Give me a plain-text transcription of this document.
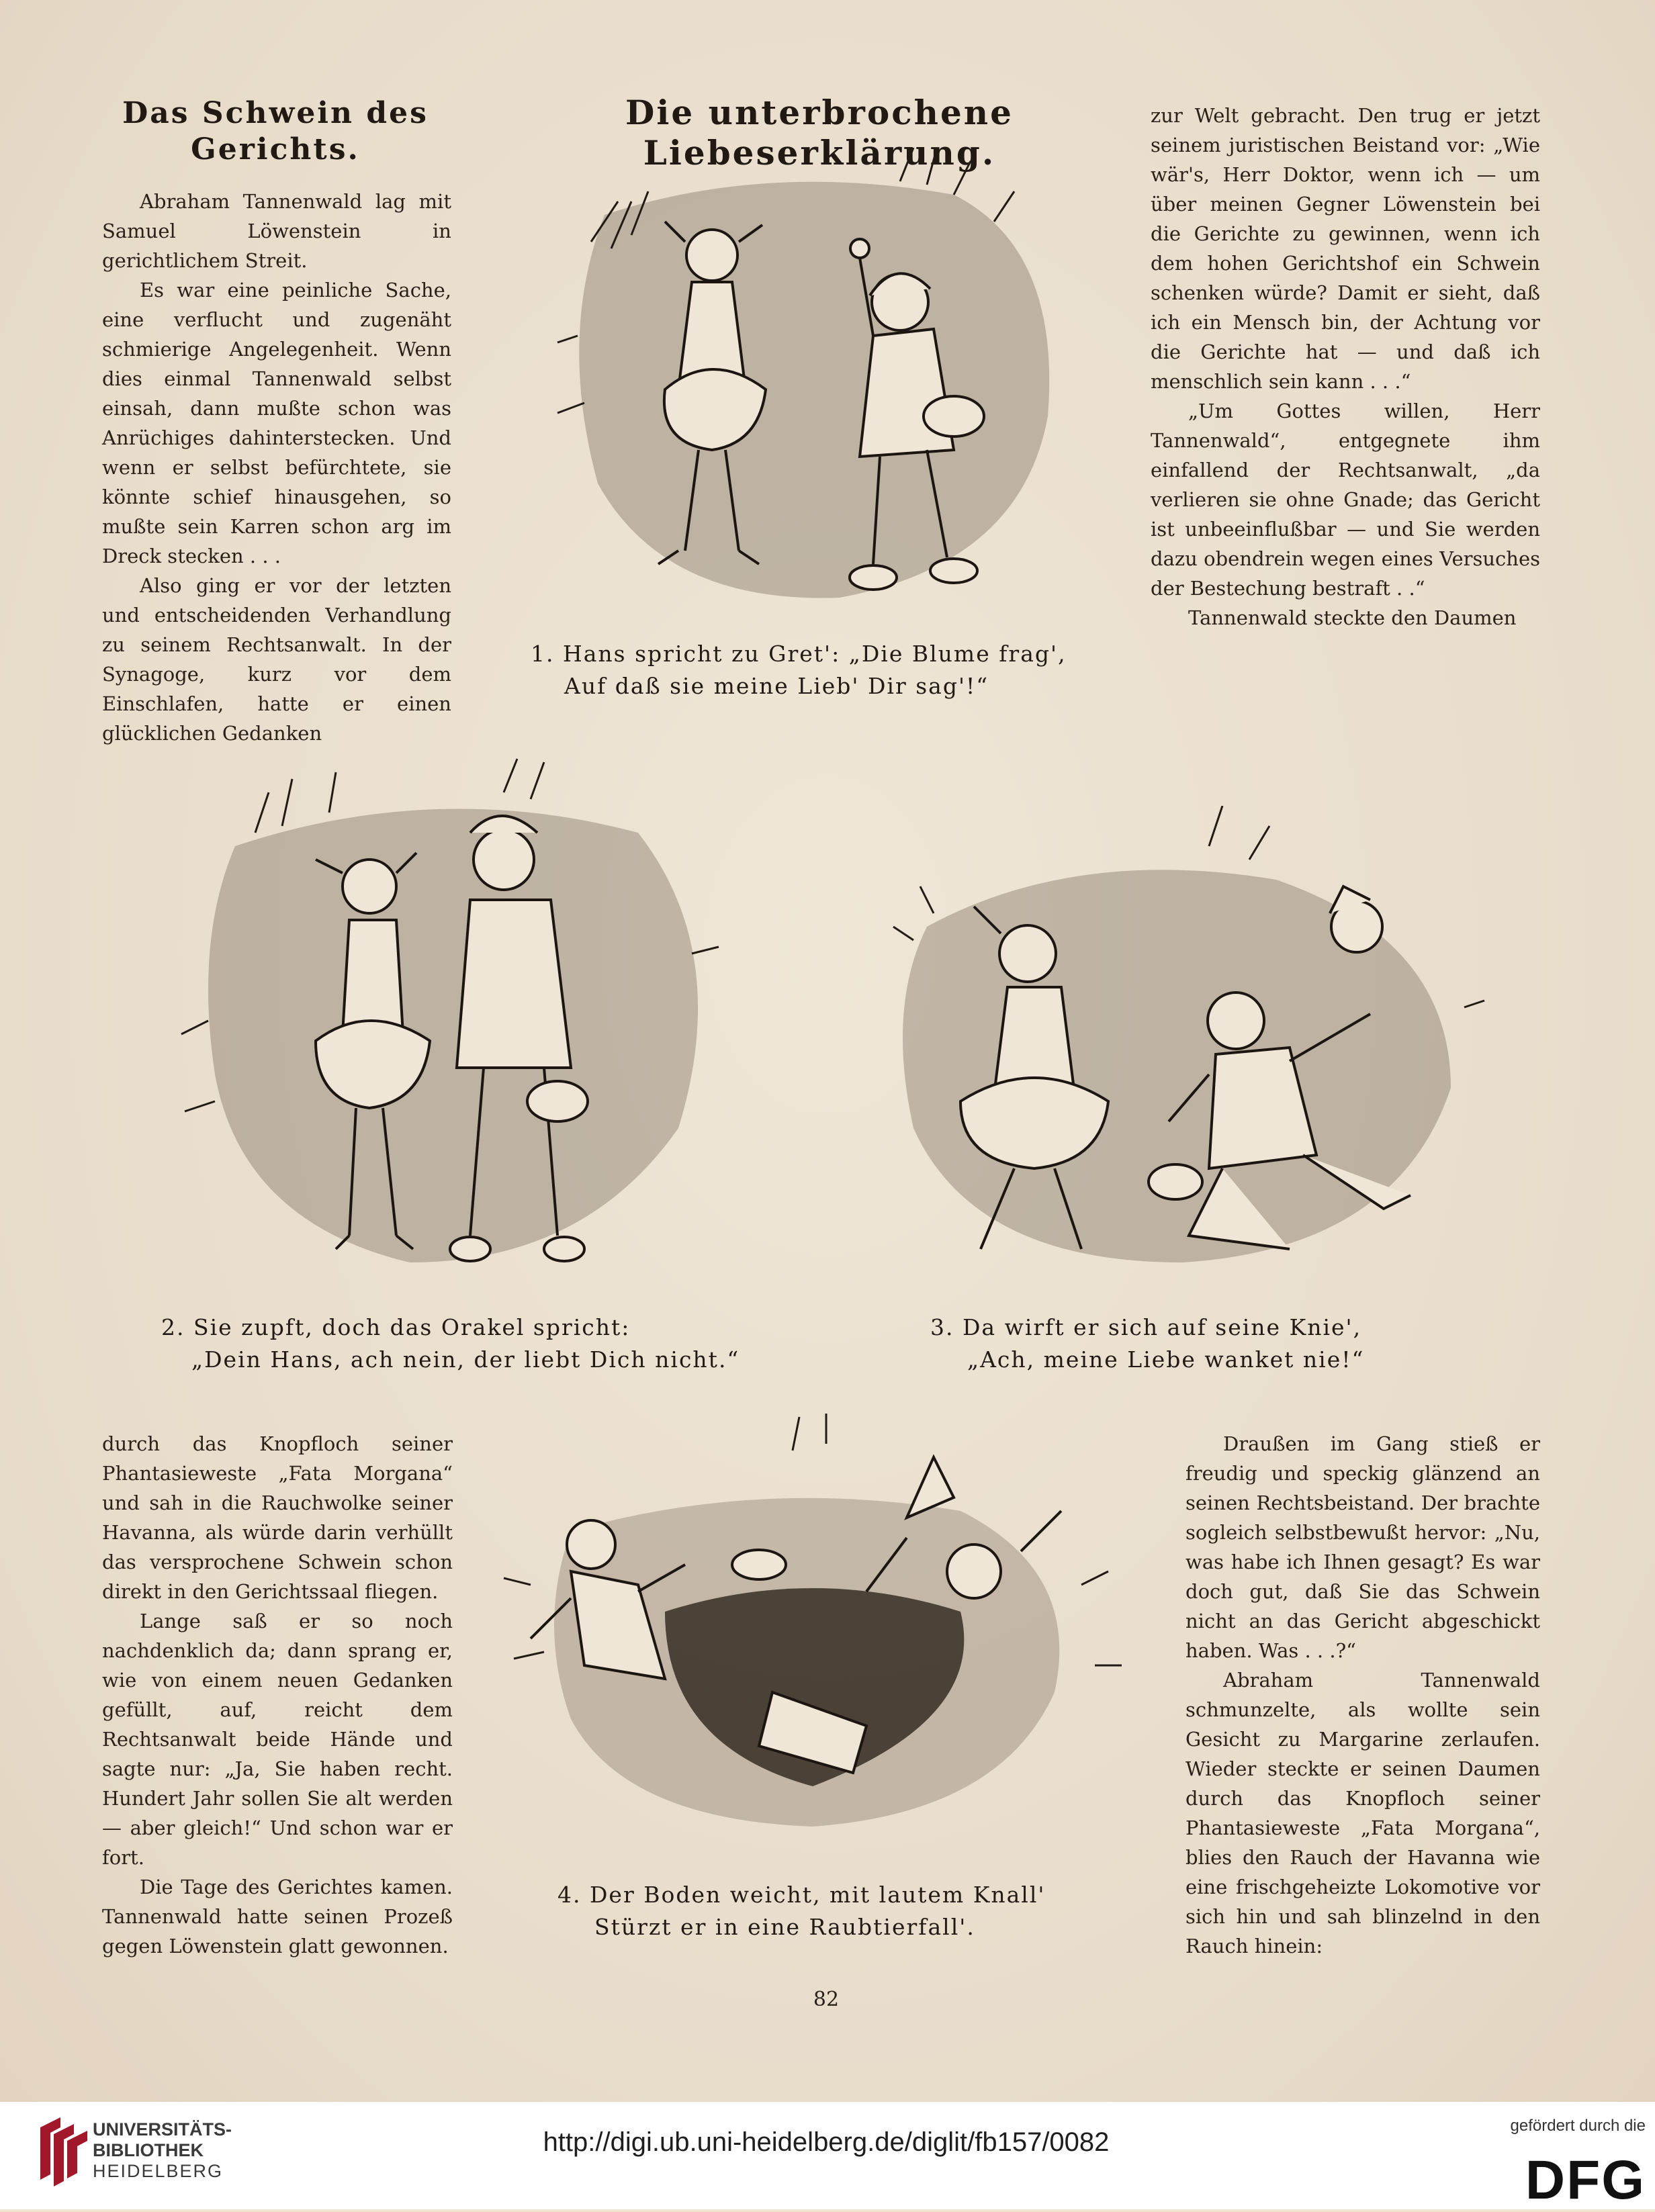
Das Schwein des Gerichts.
Die unterbrochene Liebeserklärung.

Abraham Tannenwald lag mit Samuel Löwenstein in gerichtlichem Streit.

Es war eine peinliche Sache, eine verflucht und zugenäht schmierige Angelegenheit. Wenn dies einmal Tannenwald selbst einsah, dann mußte schon was Anrüchiges dahinterstecken. Und wenn er selbst befürchtete, sie könnte schief hinausgehen, so mußte sein Karren schon arg im Dreck stecken . . .

Also ging er vor der letzten und entscheidenden Verhandlung zu seinem Rechtsanwalt. In der Synagoge, kurz vor dem Einschlafen, hatte er einen glücklichen Gedanken

zur Welt gebracht. Den trug er jetzt seinem juristischen Beistand vor: „Wie wär's, Herr Doktor, wenn ich — um über meinen Gegner Löwenstein bei die Gerichte zu gewinnen, wenn ich dem hohen Gerichtshof ein Schwein schenken würde? Damit er sieht, daß ich ein Mensch bin, der Achtung vor die Gerichte hat — und daß ich menschlich sein kann . . .“

„Um Gottes willen, Herr Tannenwald“, entgegnete ihm einfallend der Rechtsanwalt, „da verlieren sie ohne Gnade; das Gericht ist unbeeinflußbar — und Sie werden dazu obendrein wegen eines Versuches der Bestechung bestraft . .“

Tannenwald steckte den Daumen

1. Hans spricht zu Gret': „Die Blume frag',
Auf daß sie meine Lieb' Dir sag'!“
2. Sie zupft, doch das Orakel spricht:
„Dein Hans, ach nein, der liebt Dich nicht.“
3. Da wirft er sich auf seine Knie',
„Ach, meine Liebe wanket nie!“

durch das Knopfloch seiner Phantasieweste „Fata Morgana“ und sah in die Rauchwolke seiner Havanna, als würde darin verhüllt das versprochene Schwein schon direkt in den Gerichtssaal fliegen.

Lange saß er so noch nachdenklich da; dann sprang er, wie von einem neuen Gedanken gefüllt, auf, reicht dem Rechtsanwalt beide Hände und sagte nur: „Ja, Sie haben recht. Hundert Jahr sollen Sie alt werden — aber gleich!“ Und schon war er fort.

Die Tage des Gerichtes kamen. Tannenwald hatte seinen Prozeß gegen Löwenstein glatt gewonnen.

4. Der Boden weicht, mit lautem Knall'
Stürzt er in eine Raubtierfall'.

Draußen im Gang stieß er freudig und speckig glänzend an seinen Rechtsbeistand. Der brachte sogleich selbstbewußt hervor: „Nu, was habe ich Ihnen gesagt? Es war doch gut, daß Sie das Schwein nicht an das Gericht abgeschickt haben. Was . . .?“

Abraham Tannenwald schmunzelte, als wollte sein Gesicht zu Margarine zerlaufen. Wieder steckte er seinen Daumen durch das Knopfloch seiner Phantasieweste „Fata Morgana“, blies den Rauch der Havanna wie eine frischgeheizte Lokomotive vor sich hin und sah blinzelnd in den Rauch hinein:

82
UNIVERSITÄTS-
BIBLIOTHEK
HEIDELBERG
http://digi.ub.uni-heidelberg.de/diglit/fb157/0082
gefördert durch die
DFG
